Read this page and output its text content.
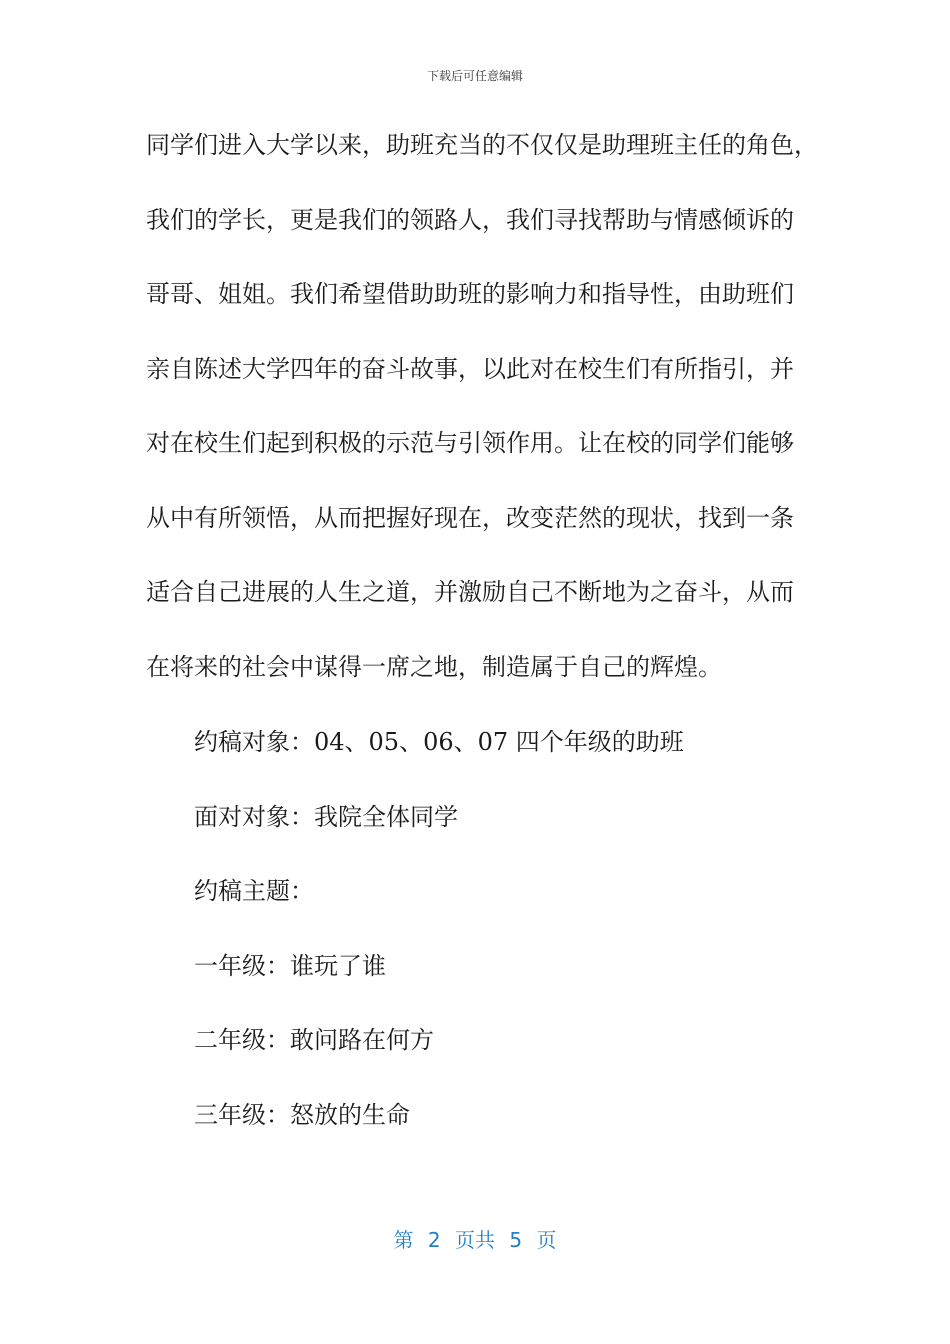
下载后可任意编辑
同学们进入大学以来，助班充当的不仅仅是助理班主任的角色，
我们的学长，更是我们的领路人，我们寻找帮助与情感倾诉的
哥哥、姐姐。我们希望借助助班的影响力和指导性，由助班们
亲自陈述大学四年的奋斗故事，以此对在校生们有所指引，并
对在校生们起到积极的示范与引领作用。让在校的同学们能够
从中有所领悟，从而把握好现在，改变茫然的现状，找到一条
适合自己进展的人生之道，并激励自己不断地为之奋斗，从而
在将来的社会中谋得一席之地，制造属于自己的辉煌。
约稿对象：04、05、06、07 四个年级的助班
面对对象：我院全体同学
约稿主题：
一年级：谁玩了谁
二年级：敢问路在何方
三年级：怒放的生命
第 2 页共 5 页
